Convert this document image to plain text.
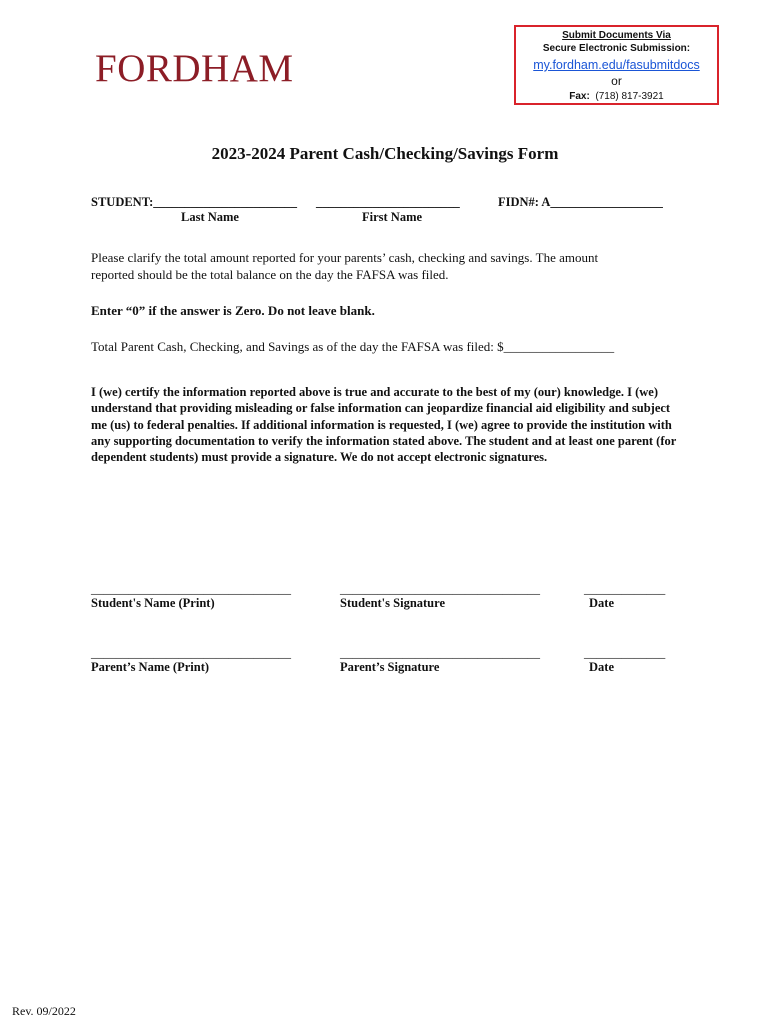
FORDHAM
Submit Documents Via
Secure Electronic Submission:
my.fordham.edu/fasubmitdocs
or
Fax: (718) 817-3921
2023-2024 Parent Cash/Checking/Savings Form
STUDENT:_______________________ _______________________	FIDN#: A__________________
Last Name	First Name
Please clarify the total amount reported for your parents’ cash, checking and savings. The amount
reported should be the total balance on the day the FAFSA was filed.
Enter “0” if the answer is Zero. Do not leave blank.
Total Parent Cash, Checking, and Savings as of the day the FAFSA was filed: $_________________
I (we) certify the information reported above is true and accurate to the best of my (our) knowledge. I (we) understand that providing misleading or false information can jeopardize financial aid eligibility and subject me (us) to federal penalties. If additional information is requested, I (we) agree to provide the institution with any supporting documentation to verify the information stated above. The student and at least one parent (for dependent students) must provide a signature. We do not accept electronic signatures.
________________________________	________________________________	_____________
Student's Name (Print)	Student's Signature	Date
________________________________	________________________________	_____________
Parent’s Name (Print)	Parent’s Signature	Date
Rev. 09/2022
